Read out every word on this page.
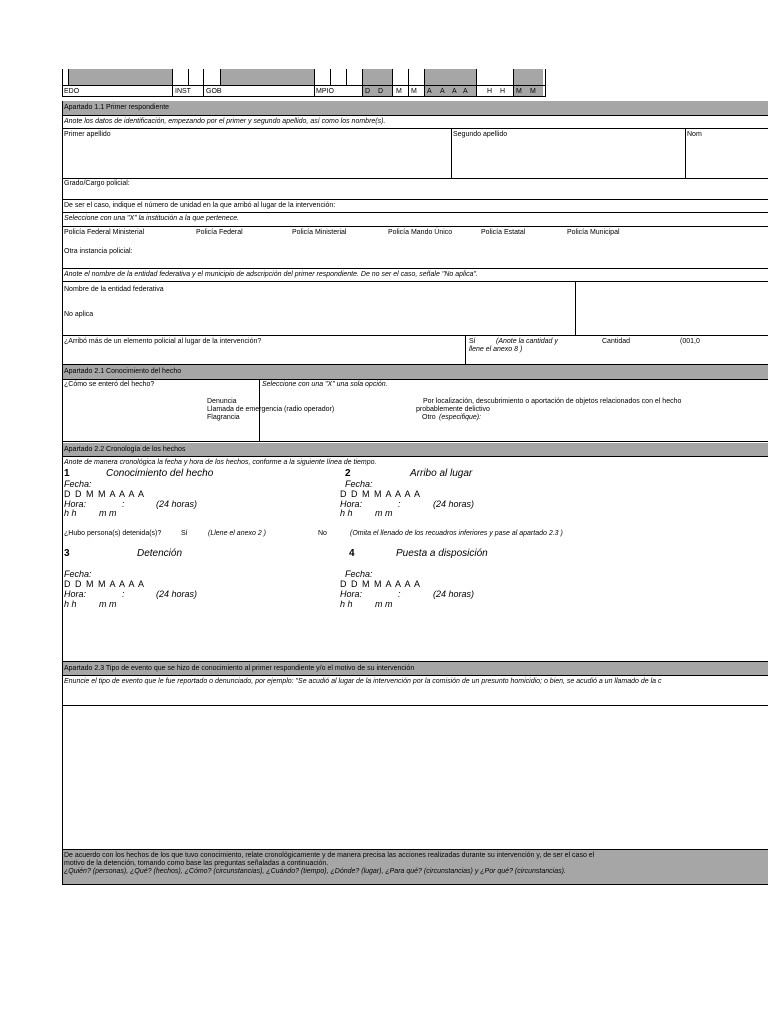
EDO	INST GOB	MPIO	D D M M A A A A	H H M M
Apartado 1.1 Primer respondiente
Anote los datos de identificación, empezando por el primer y segundo apellido, así como los nombre(s).
Primer apellido	Segundo apellido	Nom
Grado/Cargo policial:
De ser el caso, indique el número de unidad en la que arribó al lugar de la intervención:
Seleccione con una "X" la institución a la que pertenece.
Policía Federal Ministerial	Policía Federal	Policía Ministerial	Policía Mando Único	Policía Estatal	Policía Municipal
Otra instancia policial:
Anote el nombre de la entidad federativa y el municipio de adscripción del primer respondiente. De no ser el caso, señale "No aplica".
Nombre de la entidad federativa
No aplica
¿Arribó más de un elemento policial al lugar de la intervención?	Sí	(Anote la cantidad y
llene el anexo 8 )
Cantidad	(001,0
Apartado 2.1 Conocimiento del hecho
¿Cómo se enteró del hecho?	Seleccione con una "X" una sola opción.
Denuncia
Llamada de emergencia (radio operador)
Flagrancia
Por localización, descubrimiento o aportación de objetos relacionados con el hecho
probablemente delictivo
Otro (especifique):
Apartado 2.2 Cronología de los hechos
Anote de manera cronológica la fecha y hora de los hechos, conforme a la siguiente línea de tiempo.
1	Conocimiento del hecho
Fecha:
D D M M A A A A
Hora:	:	(24 horas)
h h m m
2	Arribo al lugar
Fecha:
D D M M A A A A
Hora:	:	(24 horas)
h h m m
¿Hubo persona(s) detenida(s)?	Sí	(Llene el anexo 2 )	No	(Omita el llenado de los recuadros inferiores y pase al apartado 2.3 )
3	Detención
Fecha:
D D M M A A A A
Hora:	:	(24 horas)
h h m m
4	Puesta a disposición
Fecha:
D D M M A A A A
Hora:	:	(24 horas)
h h m m
Apartado 2.3 Tipo de evento que se hizo de conocimiento al primer respondiente y/o el motivo de su intervención
Enuncie el tipo de evento que le fue reportado o denunciado, por ejemplo: "Se acudió al lugar de la intervención por la comisión de un presunto homicidio; o bien, se acudió a un llamado de la c
De acuerdo con los hechos de los que tuvo conocimiento, relate cronológicamente y de manera precisa las acciones realizadas durante su intervención y, de ser el caso el
motivo de la detención, tomando como base las preguntas señaladas a continuación.
¿Quién? (personas), ¿Qué? (hechos), ¿Cómo? (circunstancias), ¿Cuándo? (tiempo), ¿Dónde? (lugar), ¿Para qué? (circunstancias) y ¿Por qué? (circunstancias).
